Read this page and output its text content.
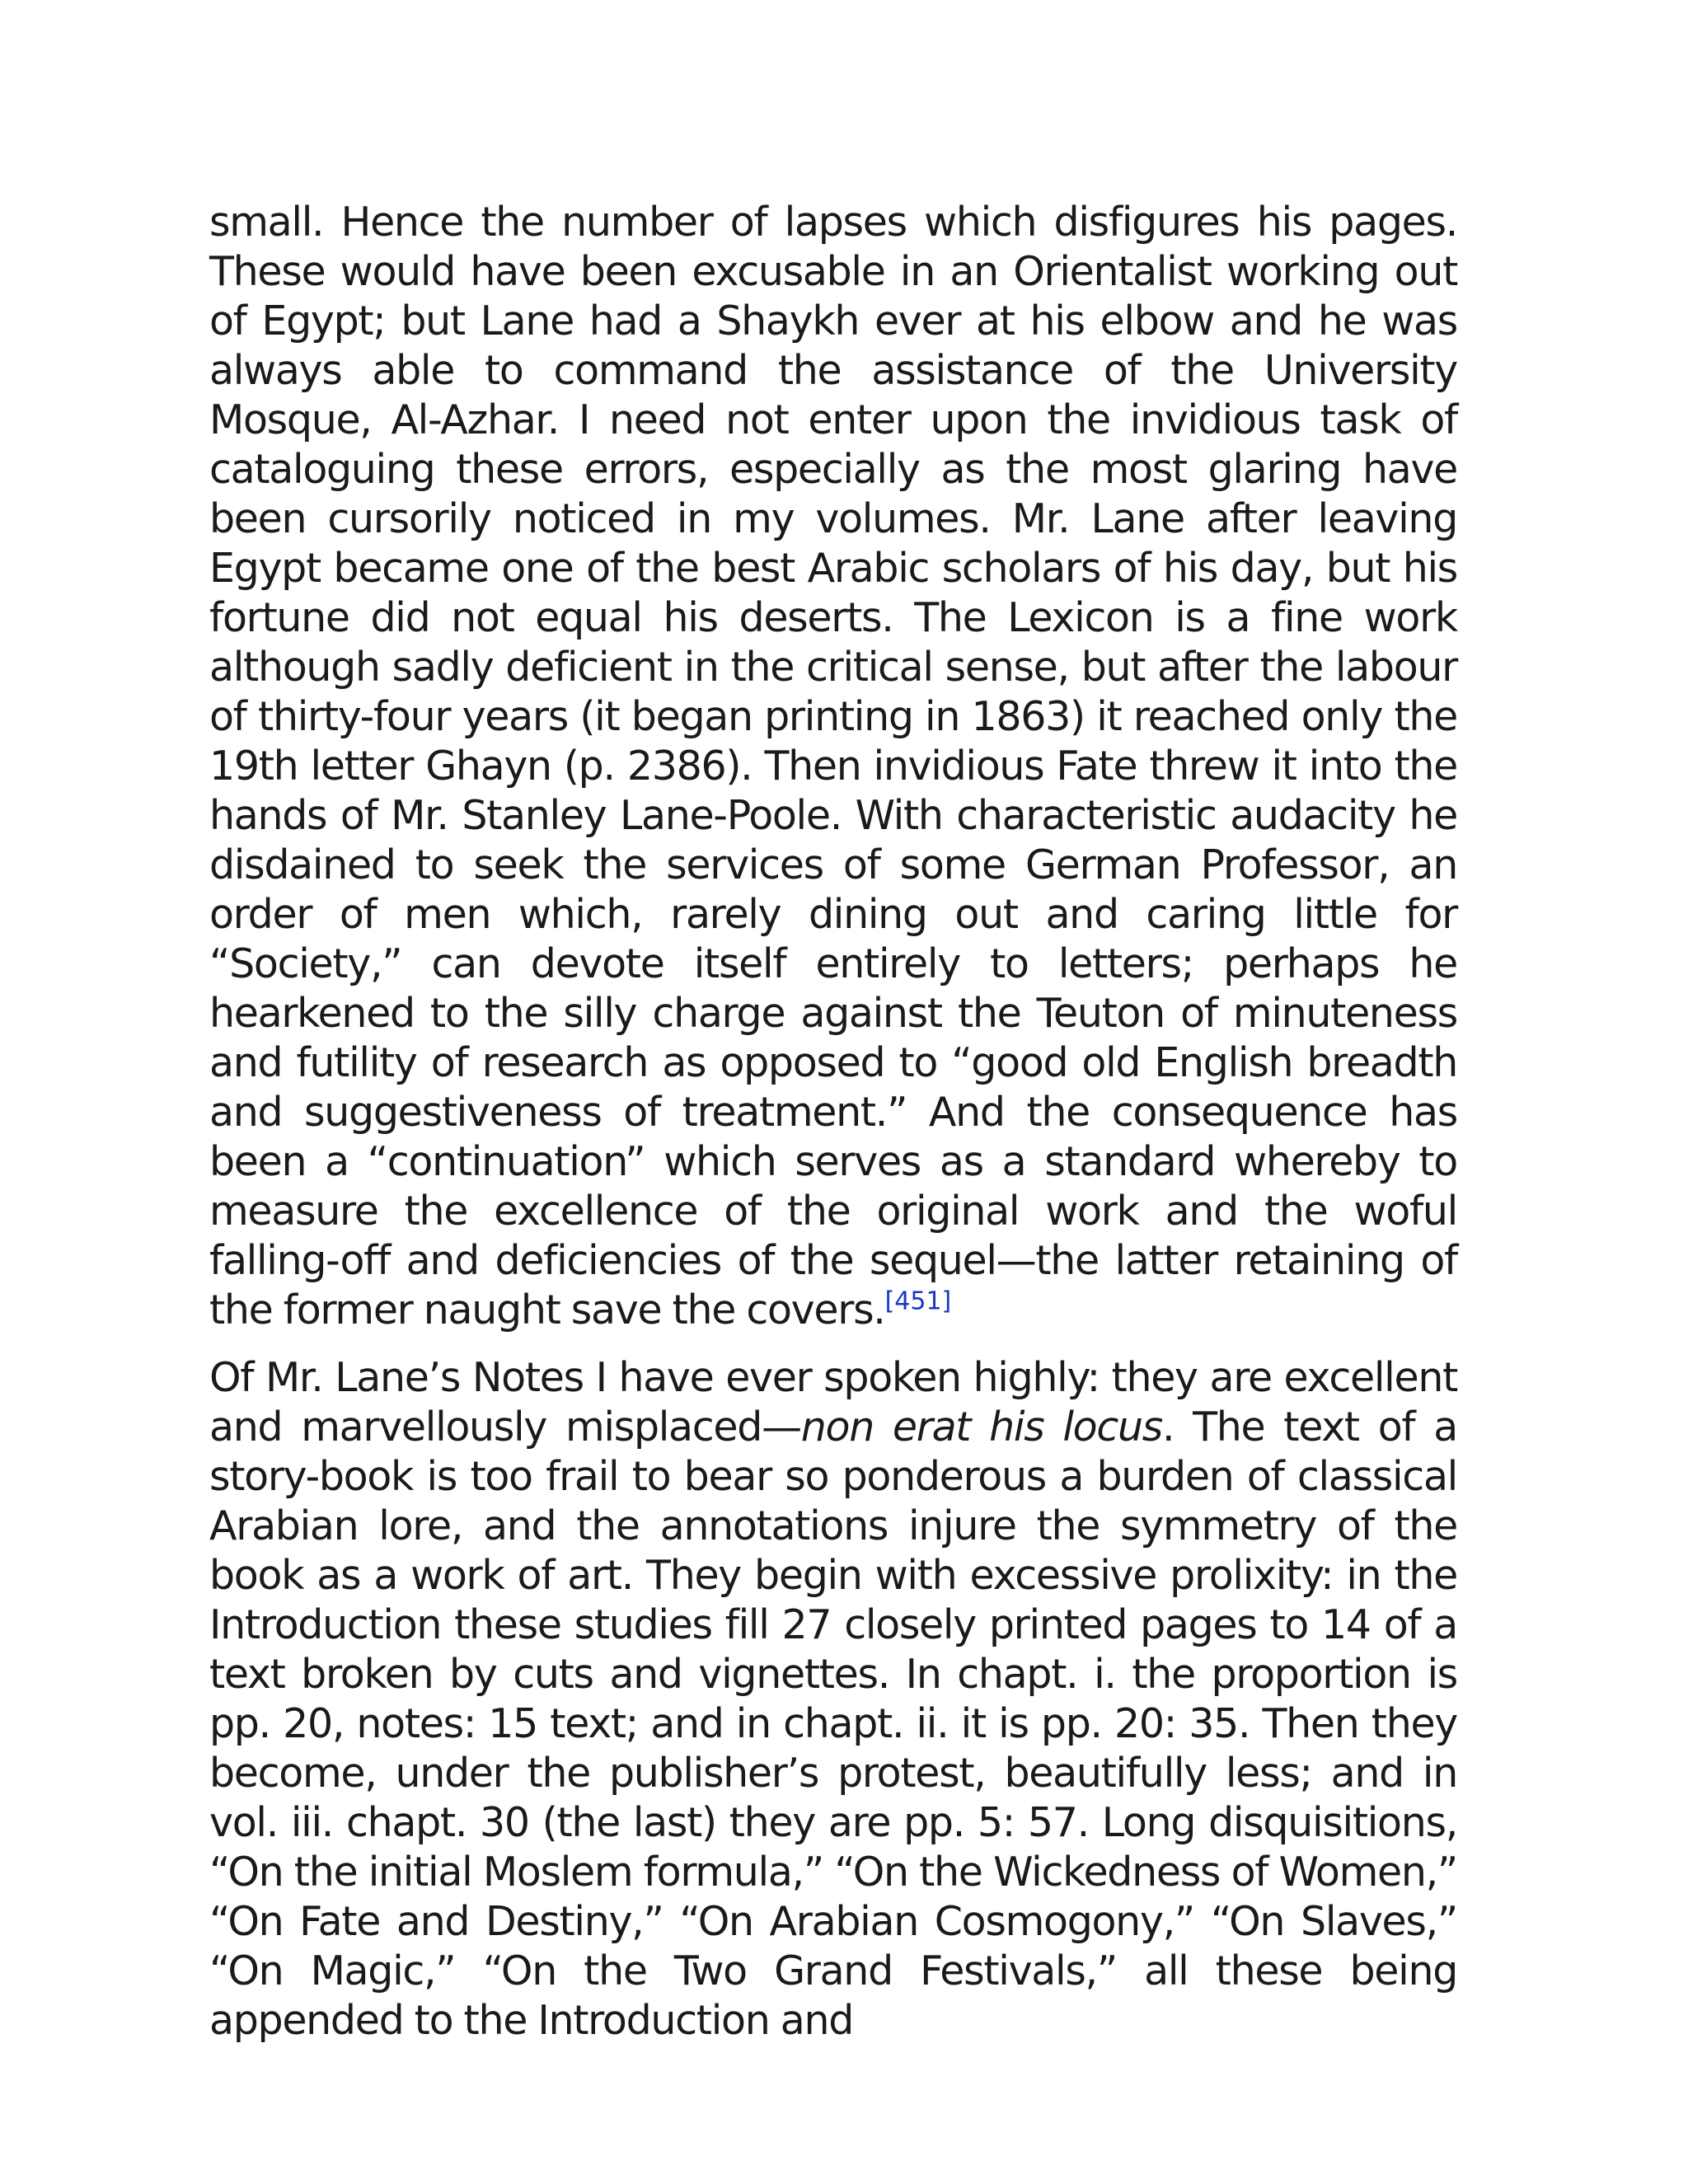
small. Hence the number of lapses which disfigures his pages. These would have been excusable in an Orientalist working out of Egypt; but Lane had a Shaykh ever at his elbow and he was always able to command the assistance of the University Mosque, Al-Azhar. I need not enter upon the invidious task of cataloguing these errors, especially as the most glaring have been cursorily noticed in my volumes. Mr. Lane after leaving Egypt became one of the best Arabic scholars of his day, but his fortune did not equal his deserts. The Lexicon is a fine work although sadly deficient in the critical sense, but after the labour of thirty-four years (it began printing in 1863) it reached only the 19th letter Ghayn (p. 2386). Then invidious Fate threw it into the hands of Mr. Stanley Lane-Poole. With characteristic audacity he disdained to seek the services of some German Professor, an order of men which, rarely dining out and caring little for “Society,” can devote itself entirely to letters; perhaps he hearkened to the silly charge against the Teuton of minuteness and futility of research as opposed to “good old English breadth and suggestiveness of treatment.” And the consequence has been a “continuation” which serves as a standard whereby to measure the excellence of the original work and the woful falling-off and deficiencies of the sequel—the latter retaining of the former naught save the covers.[451]

Of Mr. Lane’s Notes I have ever spoken highly: they are excellent and marvellously misplaced—non erat his locus. The text of a story-book is too frail to bear so ponderous a burden of classical Arabian lore, and the annotations injure the symmetry of the book as a work of art. They begin with excessive prolixity: in the Introduction these studies fill 27 closely printed pages to 14 of a text broken by cuts and vignettes. In chapt. i. the proportion is pp. 20, notes: 15 text; and in chapt. ii. it is pp. 20: 35. Then they become, under the publisher’s protest, beautifully less; and in vol. iii. chapt. 30 (the last) they are pp. 5: 57. Long disquisitions, “On the initial Moslem formula,” “On the Wickedness of Women,” “On Fate and Destiny,” “On Arabian Cosmogony,” “On Slaves,” “On Magic,” “On the Two Grand Festivals,” all these being appended to the Introduction and
